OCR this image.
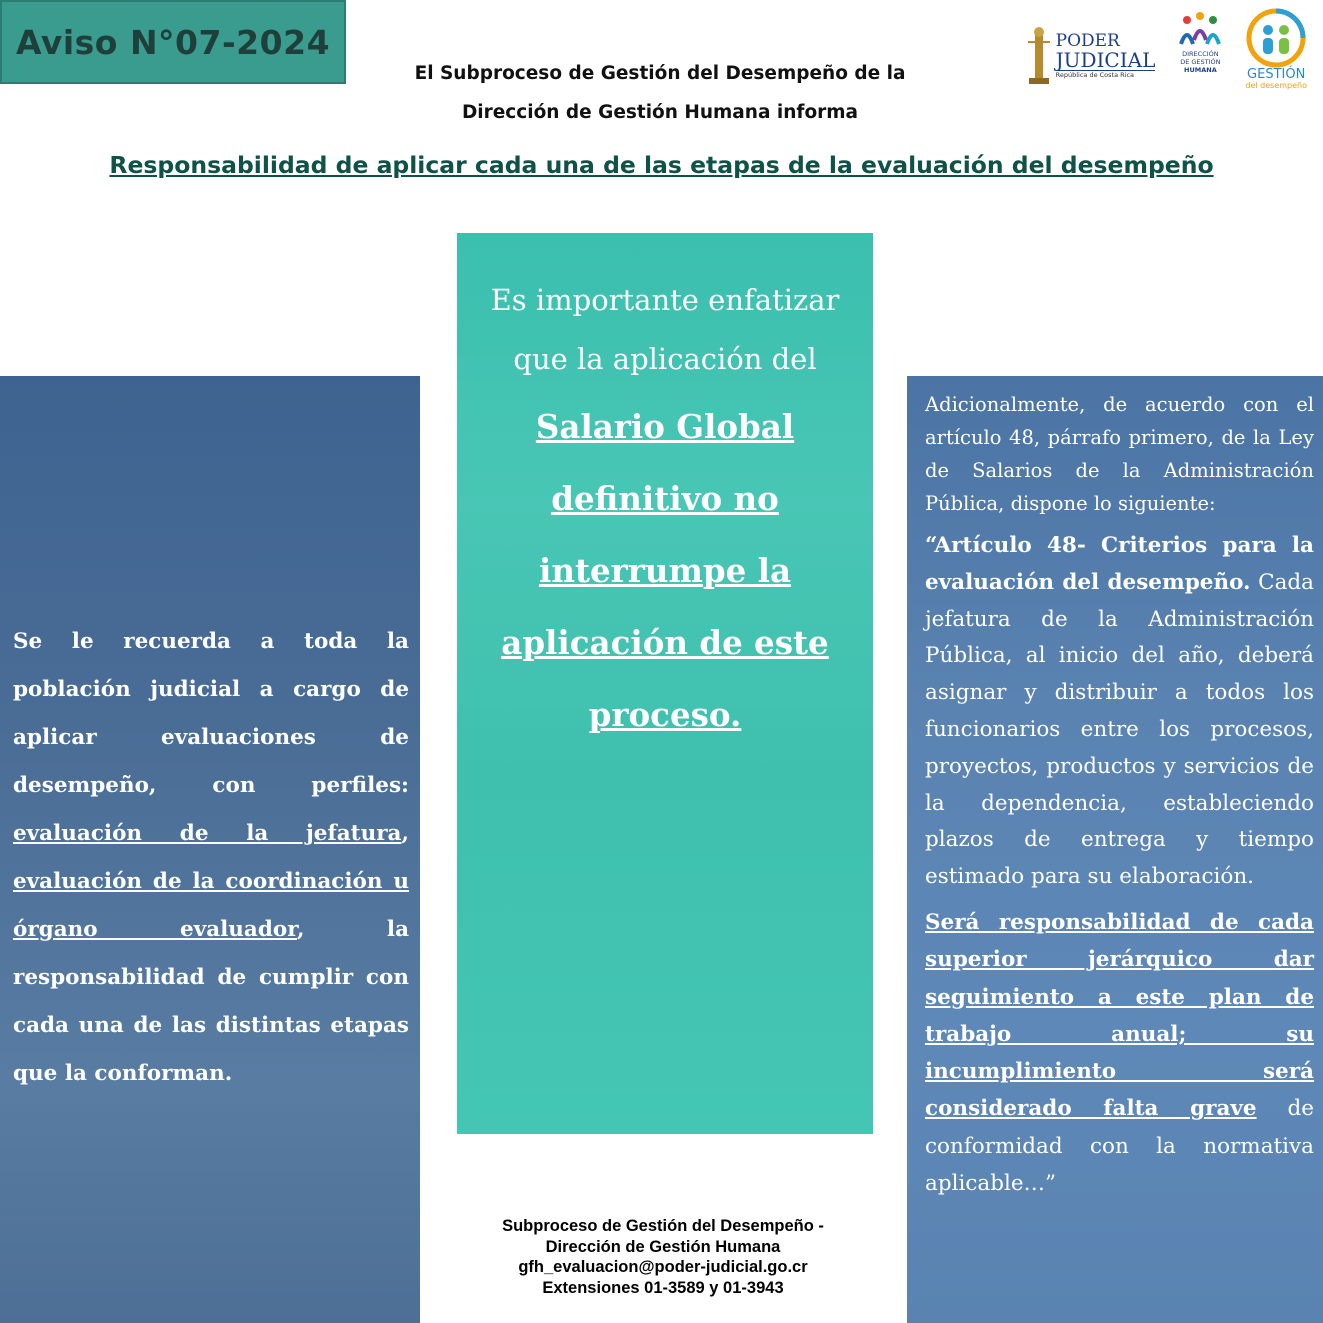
Aviso N°07-2024
El Subproceso de Gestión del Desempeño de la
Dirección de Gestión Humana informa
Responsabilidad de aplicar cada una de las etapas de la evaluación del desempeño
PODER
JUDICIAL
República de Costa Rica
DIRECCIÓN
DE GESTIÓN
HUMANA GESTIÓN
del desempeño
Se le recuerda a toda la población judicial a cargo de aplicar evaluaciones de desempeño, con perfiles: evaluación de la jefatura, evaluación de la coordinación u órgano evaluador, la responsabilidad de cumplir con cada una de las distintas etapas que la conforman.
Es importante enfatizar
que la aplicación del
Salario Global
definitivo no
interrumpe la
aplicación de este
proceso.

Adicionalmente, de acuerdo con el artículo 48, párrafo primero, de la Ley de Salarios de la Administración Pública, dispone lo siguiente:

“Artículo 48- Criterios para la evaluación del desempeño. Cada jefatura de la Administración Pública, al inicio del año, deberá asignar y distribuir a todos los funcionarios entre los procesos, proyectos, productos y servicios de la dependencia, estableciendo plazos de entrega y tiempo estimado para su elaboración.

Será responsabilidad de cada superior jerárquico dar seguimiento a este plan de trabajo anual; su incumplimiento será considerado falta grave de conformidad con la normativa aplicable…”

Subproceso de Gestión del Desempeño -
Dirección de Gestión Humana
gfh_evaluacion@poder-judicial.go.cr
Extensiones 01-3589 y 01-3943
